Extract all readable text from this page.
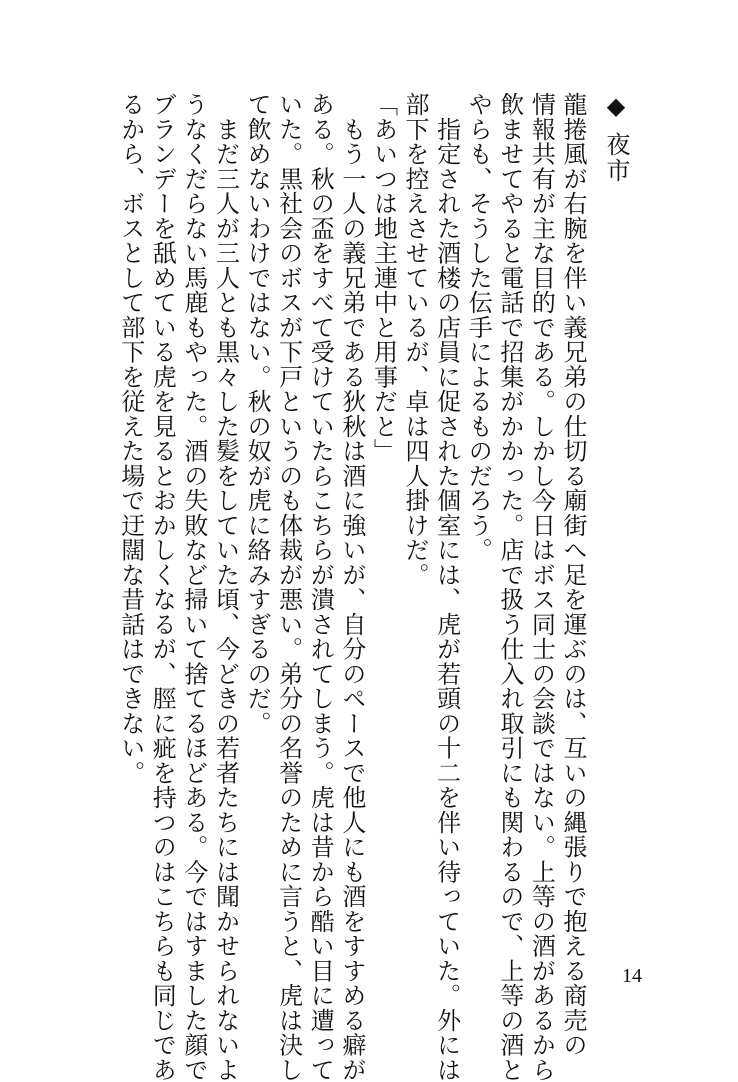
◆
夜市
龍捲風が右腕を伴い義兄弟の仕切る廟街へ足を運ぶのは、互いの縄張りで抱える商売の
情報共有が主な目的である。しかし今日はボス同士の会談ではない。上等の酒があるから
飲ませてやると電話で招集がかかった。店で扱う仕入れ取引にも関わるので、上等の酒と
やらも、そうした伝手によるものだろう。
　指定された酒楼の店員に促された個室には、虎が若頭の十二を伴い待っていた。外には
部下を控えさせているが、卓は四人掛けだ。
「あいつは地主連中と用事だと」
　もう一人の義兄弟である狄秋は酒に強いが、自分のペースで他人にも酒をすすめる癖が
ある。秋の盃をすべて受けていたらこちらが潰されてしまう。虎は昔から酷い目に遭って
いた。黒社会のボスが下戸というのも体裁が悪い。弟分の名誉のために言うと、虎は決し
て飲めないわけではない。秋の奴が虎に絡みすぎるのだ。
　まだ三人が三人とも黒々した髪をしていた頃、今どきの若者たちには聞かせられないよ
うなくだらない馬鹿もやった。酒の失敗など掃いて捨てるほどある。今ではすました顔で
ブランデーを舐めている虎を見るとおかしくなるが、脛に疵を持つのはこちらも同じであ
るから、ボスとして部下を従えた場で迂闊な昔話はできない。
14
